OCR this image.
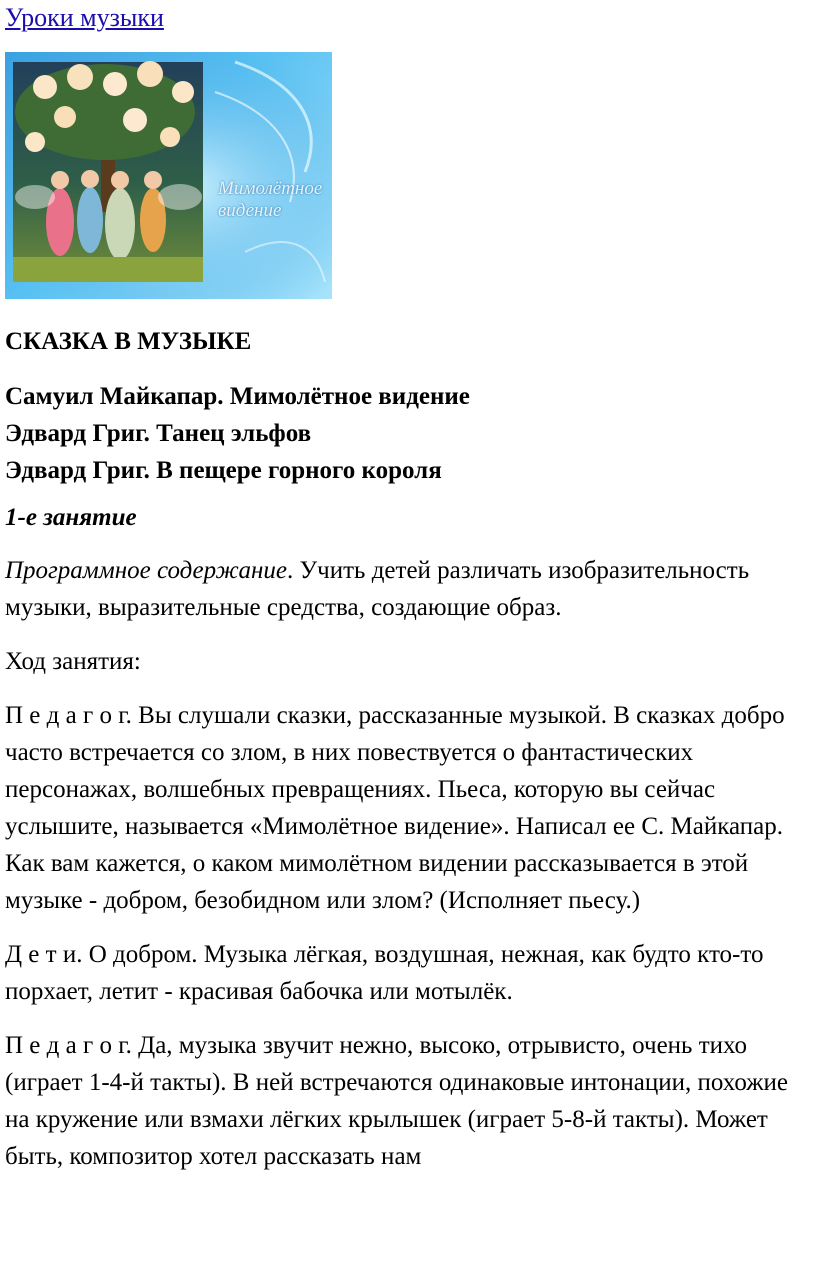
Уроки музыки
Мимолётное видение
СКАЗКА В МУЗЫКЕ
Самуил Майкапар. Мимолётное видение
Эдвард Григ. Танец эльфов
Эдвард Григ. В пещере горного короля
1-е занятие

Программное содержание. Учить детей различать изобразительность музыки, выразительные средства, создающие образ.

Ход занятия:

П е д а г о г. Вы слушали сказки, рассказанные музыкой. В сказках добро часто встречается со злом, в них повествуется о фантастических персонажах, волшебных превращениях. Пьеса, которую вы сейчас услышите, называется «Мимолётное видение». Написал ее С. Майкапар. Как вам кажется, о каком мимолётном видении рассказывается в этой музыке - добром, безобидном или злом? (Исполняет пьесу.)

Д е т и. О добром. Музыка лёгкая, воздушная, нежная, как будто кто-то порхает, летит - красивая бабочка или мотылёк.

П е д а г о г. Да, музыка звучит нежно, высоко, отрывисто, очень тихо (играет 1-4-й такты). В ней встречаются одинаковые интонации, похожие на кружение или взмахи лёгких крылышек (играет 5-8-й такты). Может быть, композитор хотел рассказать нам
